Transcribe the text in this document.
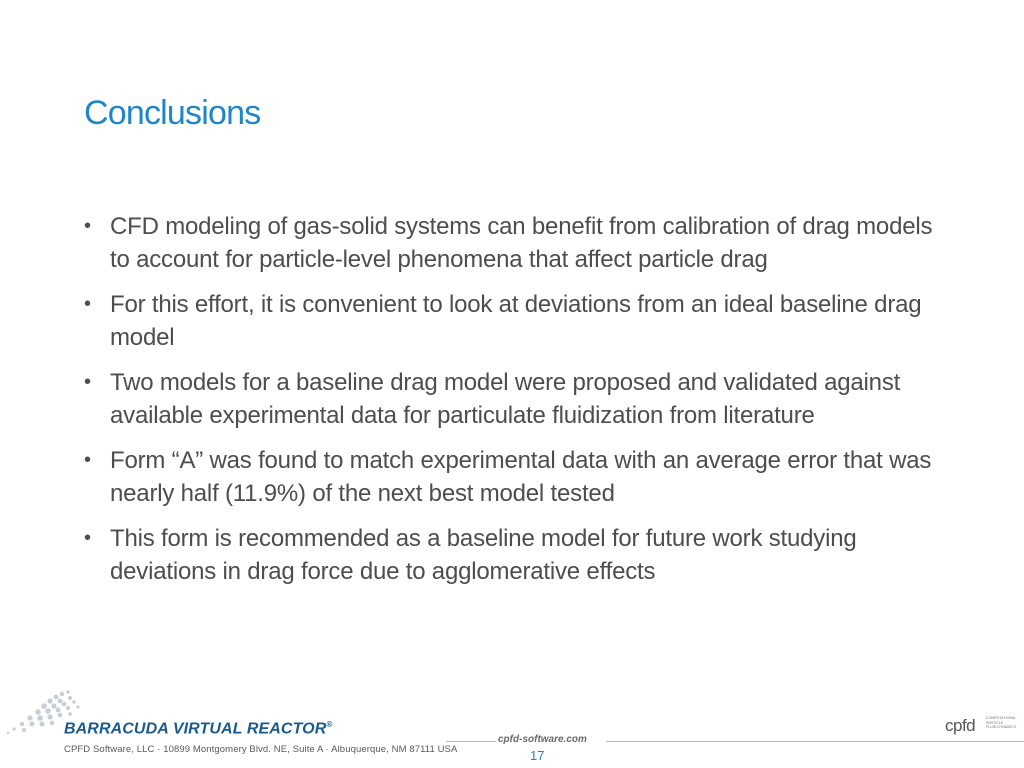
Conclusions
• CFD modeling of gas-solid systems can benefit from calibration of drag models to account for particle-level phenomena that affect particle drag
• For this effort, it is convenient to look at deviations from an ideal baseline drag model
• Two models for a baseline drag model were proposed and validated against available experimental data for particulate fluidization from literature
• Form “A” was found to match experimental data with an average error that was nearly half (11.9%) of the next best model tested
• This form is recommended as a baseline model for future work studying deviations in drag force due to agglomerative effects
BARRACUDA VIRTUAL REACTOR®
CPFD Software, LLC · 10899 Montgomery Blvd. NE, Suite A · Albuquerque, NM 87111 USA
cpfd-software.com
17
cpfd	COMPUTATIONAL
PARTICLE
FLUID DYNAMICS
